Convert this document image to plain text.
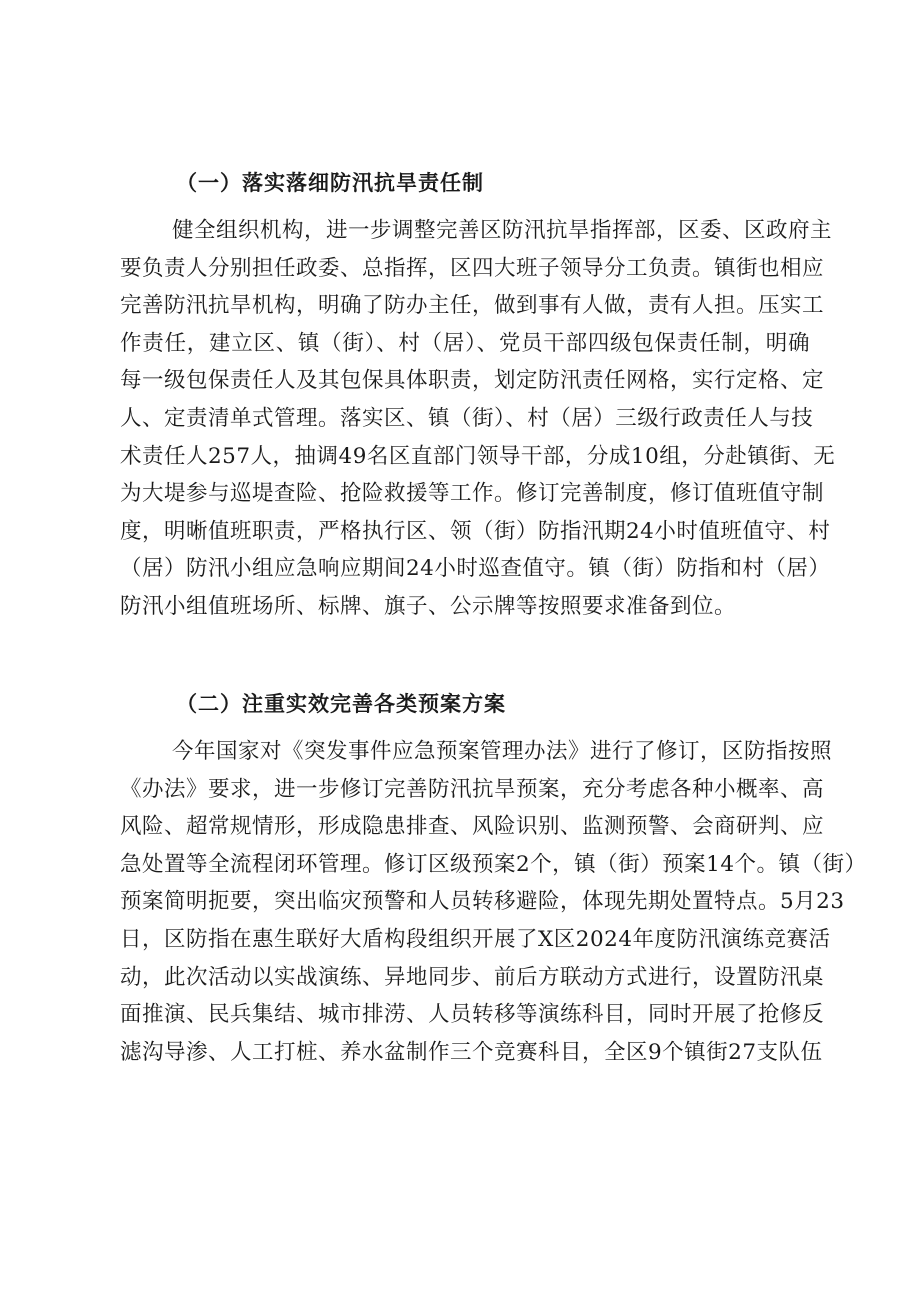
（一）落实落细防汛抗旱责任制
健全组织机构，进一步调整完善区防汛抗旱指挥部，区委、区政府主
要负责人分别担任政委、总指挥，区四大班子领导分工负责。镇街也相应
完善防汛抗旱机构，明确了防办主任，做到事有人做，责有人担。压实工
作责任，建立区、镇（街）、村（居）、党员干部四级包保责任制，明确
每一级包保责任人及其包保具体职责，划定防汛责任网格，实行定格、定
人、定责清单式管理。落实区、镇（街）、村（居）三级行政责任人与技
术责任人257人，抽调49名区直部门领导干部，分成10组，分赴镇街、无
为大堤参与巡堤查险、抢险救援等工作。修订完善制度，修订值班值守制
度，明晰值班职责，严格执行区、领（街）防指汛期24小时值班值守、村
（居）防汛小组应急响应期间24小时巡查值守。镇（街）防指和村（居）
防汛小组值班场所、标牌、旗子、公示牌等按照要求准备到位。
（二）注重实效完善各类预案方案
今年国家对《突发事件应急预案管理办法》进行了修订，区防指按照
《办法》要求，进一步修订完善防汛抗旱预案，充分考虑各种小概率、高
风险、超常规情形，形成隐患排查、风险识别、监测预警、会商研判、应
急处置等全流程闭环管理。修订区级预案2个，镇（街）预案14个。镇（街）
预案简明扼要，突出临灾预警和人员转移避险，体现先期处置特点。5月23
日，区防指在惠生联好大盾构段组织开展了X区2024年度防汛演练竞赛活
动，此次活动以实战演练、异地同步、前后方联动方式进行，设置防汛桌
面推演、民兵集结、城市排涝、人员转移等演练科目，同时开展了抢修反
滤沟导渗、人工打桩、养水盆制作三个竞赛科目，全区9个镇街27支队伍
